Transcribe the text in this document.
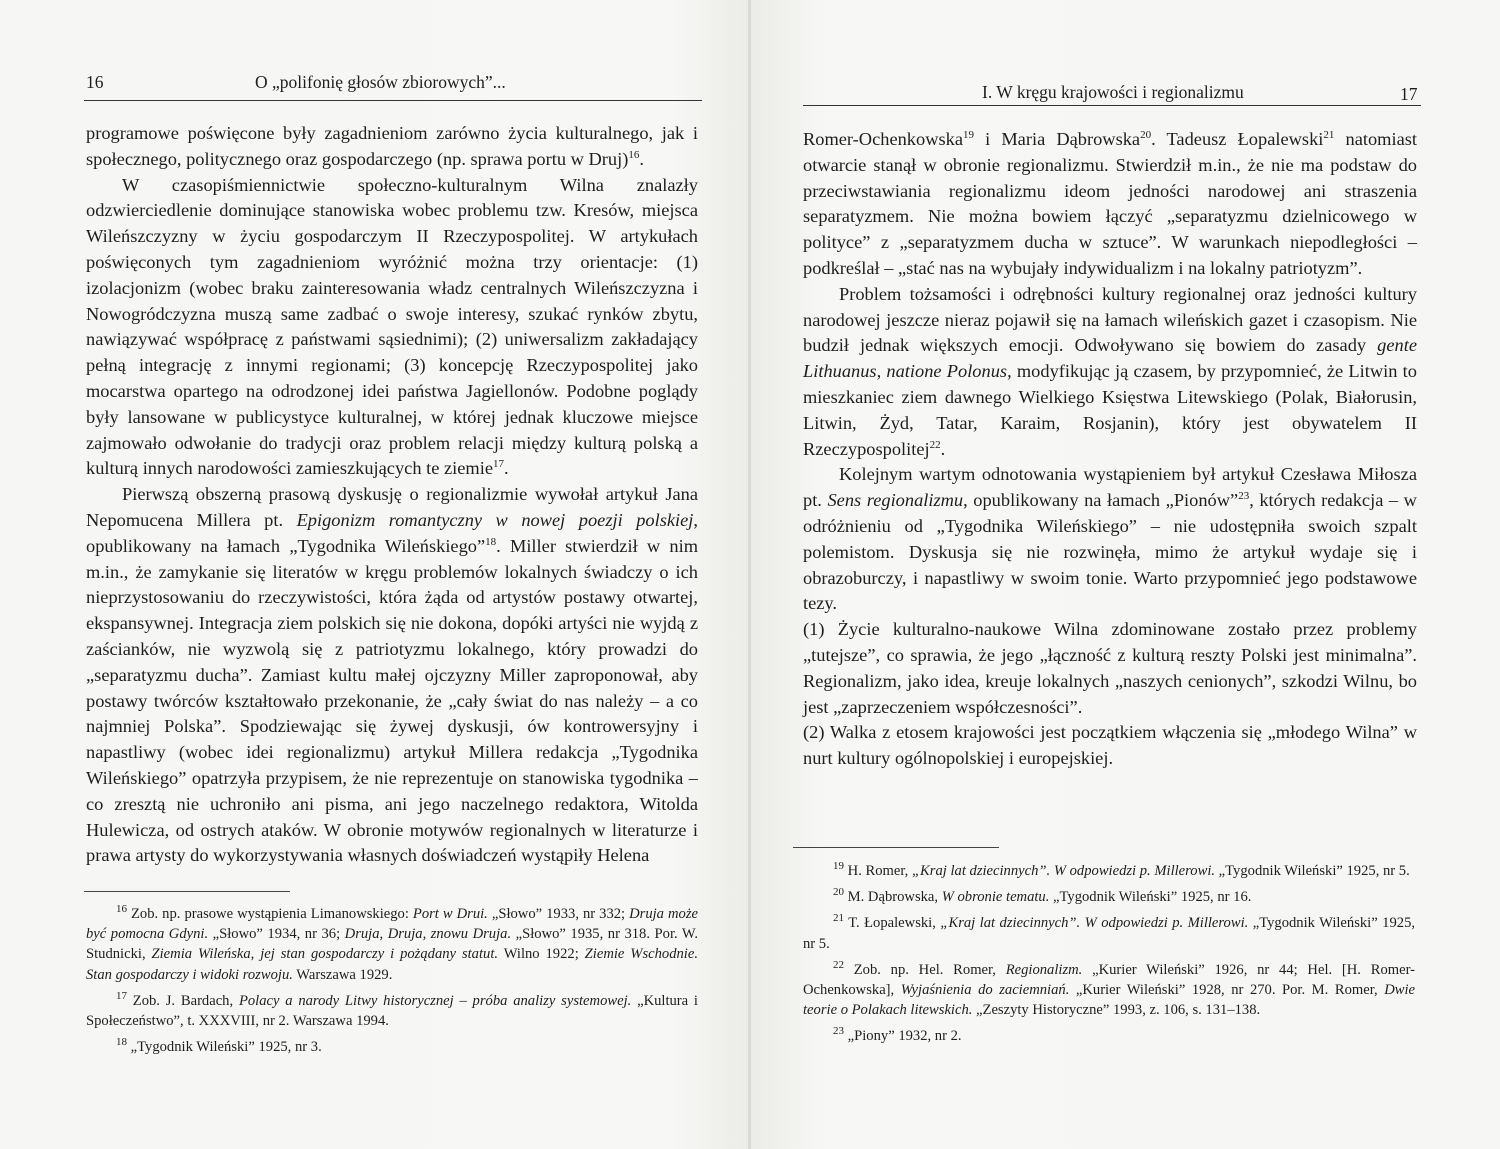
16	O „polifonię głosów zbiorowych”...

programowe poświęcone były zagadnieniom zarówno życia kulturalnego, jak i społecznego, politycznego oraz gospodarczego (np. sprawa portu w Druj)$^{16}$.

W czasopiśmiennictwie społeczno-kulturalnym Wilna znalazły odzwierciedlenie dominujące stanowiska wobec problemu tzw. Kresów, miejsca Wileńszczyzny w życiu gospodarczym II Rzeczypospolitej. W artykułach poświęconych tym zagadnieniom wyróżnić można trzy orientacje: (1) izolacjonizm (wobec braku zainteresowania władz centralnych Wileńszczyzna i Nowogródczyzna muszą same zadbać o swoje interesy, szukać rynków zbytu, nawiązywać współpracę z państwami sąsiednimi); (2) uniwersalizm zakładający pełną integrację z innymi regionami; (3) koncepcję Rzeczypospolitej jako mocarstwa opartego na odrodzonej idei państwa Jagiellonów. Podobne poglądy były lansowane w publicystyce kulturalnej, w której jednak kluczowe miejsce zajmowało odwołanie do tradycji oraz problem relacji między kulturą polską a kulturą innych narodowości zamieszkujących te ziemie$^{17}$.

Pierwszą obszerną prasową dyskusję o regionalizmie wywołał artykuł Jana Nepomucena Millera pt. Epigonizm romantyczny w nowej poezji polskiej, opublikowany na łamach „Tygodnika Wileńskiego”$^{18}$. Miller stwierdził w nim m.in., że zamykanie się literatów w kręgu problemów lokalnych świadczy o ich nieprzystosowaniu do rzeczywistości, która żąda od artystów postawy otwartej, ekspansywnej. Integracja ziem polskich się nie dokona, dopóki artyści nie wyjdą z zaścianków, nie wyzwolą się z patriotyzmu lokalnego, który prowadzi do „separatyzmu ducha”. Zamiast kultu małej ojczyzny Miller zaproponował, aby postawy twórców kształtowało przekonanie, że „cały świat do nas należy – a co najmniej Polska”. Spodziewając się żywej dyskusji, ów kontrowersyjny i napastliwy (wobec idei regionalizmu) artykuł Millera redakcja „Tygodnika Wileńskiego” opatrzyła przypisem, że nie reprezentuje on stanowiska tygodnika – co zresztą nie uchroniło ani pisma, ani jego naczelnego redaktora, Witolda Hulewicza, od ostrych ataków. W obronie motywów regionalnych w literaturze i prawa artysty do wykorzystywania własnych doświadczeń wystąpiły Helena

$^{16}$ Zob. np. prasowe wystąpienia Limanowskiego: Port w Drui. „Słowo” 1933, nr 332; Druja może być pomocna Gdyni. „Słowo” 1934, nr 36; Druja, Druja, znowu Druja. „Słowo” 1935, nr 318. Por. W. Studnicki, Ziemia Wileńska, jej stan gospodarczy i pożądany statut. Wilno 1922; Ziemie Wschodnie. Stan gospodarczy i widoki rozwoju. Warszawa 1929.

$^{17}$ Zob. J. Bardach, Polacy a narody Litwy historycznej – próba analizy systemowej. „Kultura i Społeczeństwo”, t. XXXVIII, nr 2. Warszawa 1994.

$^{18}$ „Tygodnik Wileński” 1925, nr 3.

I. W kręgu krajowości i regionalizmu	17

Romer-Ochenkowska$^{19}$ i Maria Dąbrowska$^{20}$. Tadeusz Łopalewski$^{21}$ natomiast otwarcie stanął w obronie regionalizmu. Stwierdził m.in., że nie ma podstaw do przeciwstawiania regionalizmu ideom jedności narodowej ani straszenia separatyzmem. Nie można bowiem łączyć „separatyzmu dzielnicowego w polityce” z „separatyzmem ducha w sztuce”. W warunkach niepodległości – podkreślał – „stać nas na wybujały indywidualizm i na lokalny patriotyzm”.

Problem tożsamości i odrębności kultury regionalnej oraz jedności kultury narodowej jeszcze nieraz pojawił się na łamach wileńskich gazet i czasopism. Nie budził jednak większych emocji. Odwoływano się bowiem do zasady gente Lithuanus, natione Polonus, modyfikując ją czasem, by przypomnieć, że Litwin to mieszkaniec ziem dawnego Wielkiego Księstwa Litewskiego (Polak, Białorusin, Litwin, Żyd, Tatar, Karaim, Rosjanin), który jest obywatelem II Rzeczypospolitej$^{22}$.

Kolejnym wartym odnotowania wystąpieniem był artykuł Czesława Miłosza pt. Sens regionalizmu, opublikowany na łamach „Pionów”$^{23}$, których redakcja – w odróżnieniu od „Tygodnika Wileńskiego” – nie udostępniła swoich szpalt polemistom. Dyskusja się nie rozwinęła, mimo że artykuł wydaje się i obrazoburczy, i napastliwy w swoim tonie. Warto przypomnieć jego podstawowe tezy.

(1) Życie kulturalno-naukowe Wilna zdominowane zostało przez problemy „tutejsze”, co sprawia, że jego „łączność z kulturą reszty Polski jest minimalna”. Regionalizm, jako idea, kreuje lokalnych „naszych cenionych”, szkodzi Wilnu, bo jest „zaprzeczeniem współczesności”.

(2) Walka z etosem krajowości jest początkiem włączenia się „młodego Wilna” w nurt kultury ogólnopolskiej i europejskiej.

$^{19}$ H. Romer, „Kraj lat dziecinnych”. W odpowiedzi p. Millerowi. „Tygodnik Wileński” 1925, nr 5.

$^{20}$ M. Dąbrowska, W obronie tematu. „Tygodnik Wileński” 1925, nr 16.

$^{21}$ T. Łopalewski, „Kraj lat dziecinnych”. W odpowiedzi p. Millerowi. „Tygodnik Wileński” 1925, nr 5.

$^{22}$ Zob. np. Hel. Romer, Regionalizm. „Kurier Wileński” 1926, nr 44; Hel. [H. Romer-Ochenkowska], Wyjaśnienia do zaciemniań. „Kurier Wileński” 1928, nr 270. Por. M. Romer, Dwie teorie o Polakach litewskich. „Zeszyty Historyczne” 1993, z. 106, s. 131–138.

$^{23}$ „Piony” 1932, nr 2.
